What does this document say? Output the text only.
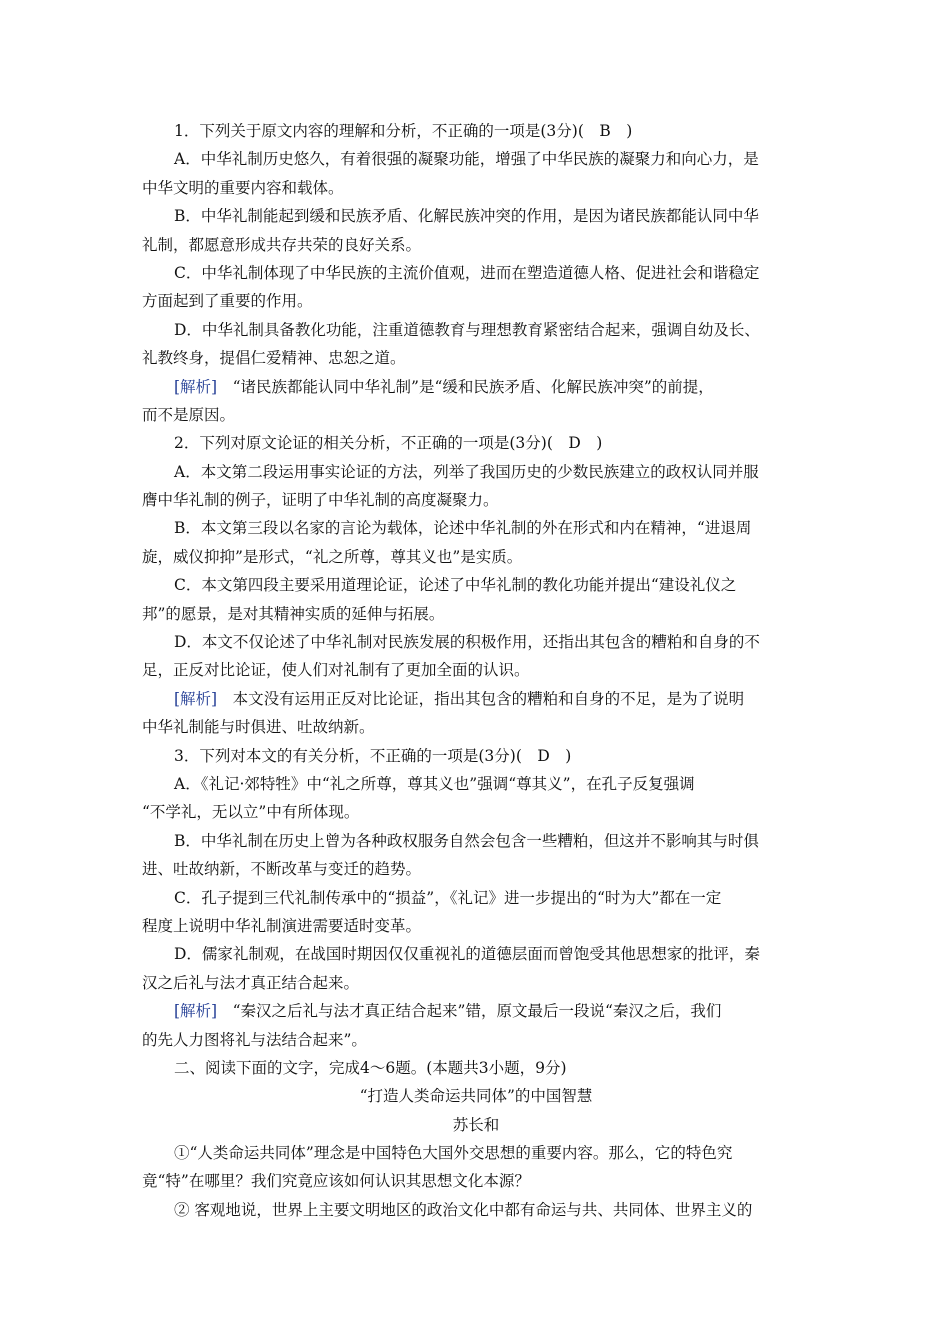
1．下列关于原文内容的理解和分析，不正确的一项是(3分)(　B　)
A．中华礼制历史悠久，有着很强的凝聚功能，增强了中华民族的凝聚力和向心力，是
中华文明的重要内容和载体。
B．中华礼制能起到缓和民族矛盾、化解民族冲突的作用，是因为诸民族都能认同中华
礼制，都愿意形成共存共荣的良好关系。
C．中华礼制体现了中华民族的主流价值观，进而在塑造道德人格、促进社会和谐稳定
方面起到了重要的作用。
D．中华礼制具备教化功能，注重道德教育与理想教育紧密结合起来，强调自幼及长、
礼教终身，提倡仁爱精神、忠恕之道。
[解析]　“诸民族都能认同中华礼制”是“缓和民族矛盾、化解民族冲突”的前提，
而不是原因。
2．下列对原文论证的相关分析，不正确的一项是(3分)(　D　)
A．本文第二段运用事实论证的方法，列举了我国历史的少数民族建立的政权认同并服
膺中华礼制的例子，证明了中华礼制的高度凝聚力。
B．本文第三段以名家的言论为载体，论述中华礼制的外在形式和内在精神，“进退周
旋，威仪抑抑”是形式，“礼之所尊，尊其义也”是实质。
C．本文第四段主要采用道理论证，论述了中华礼制的教化功能并提出“建设礼仪之
邦”的愿景，是对其精神实质的延伸与拓展。
D．本文不仅论述了中华礼制对民族发展的积极作用，还指出其包含的糟粕和自身的不
足，正反对比论证，使人们对礼制有了更加全面的认识。
[解析]　本文没有运用正反对比论证，指出其包含的糟粕和自身的不足，是为了说明
中华礼制能与时俱进、吐故纳新。
3．下列对本文的有关分析，不正确的一项是(3分)(　D　)
A．《礼记·郊特牲》中“礼之所尊，尊其义也”强调“尊其义”，在孔子反复强调
“不学礼，无以立”中有所体现。
B．中华礼制在历史上曾为各种政权服务自然会包含一些糟粕，但这并不影响其与时俱
进、吐故纳新，不断改革与变迁的趋势。
C．孔子提到三代礼制传承中的“损益”，《礼记》进一步提出的“时为大”都在一定
程度上说明中华礼制演进需要适时变革。
D．儒家礼制观，在战国时期因仅仅重视礼的道德层面而曾饱受其他思想家的批评，秦
汉之后礼与法才真正结合起来。
[解析]　“秦汉之后礼与法才真正结合起来”错，原文最后一段说“秦汉之后，我们
的先人力图将礼与法结合起来”。
二、阅读下面的文字，完成4～6题。(本题共3小题，9分)
“打造人类命运共同体”的中国智慧
苏长和
①“人类命运共同体”理念是中国特色大国外交思想的重要内容。那么，它的特色究
竟“特”在哪里？我们究竟应该如何认识其思想文化本源？
② 客观地说，世界上主要文明地区的政治文化中都有命运与共、共同体、世界主义的
